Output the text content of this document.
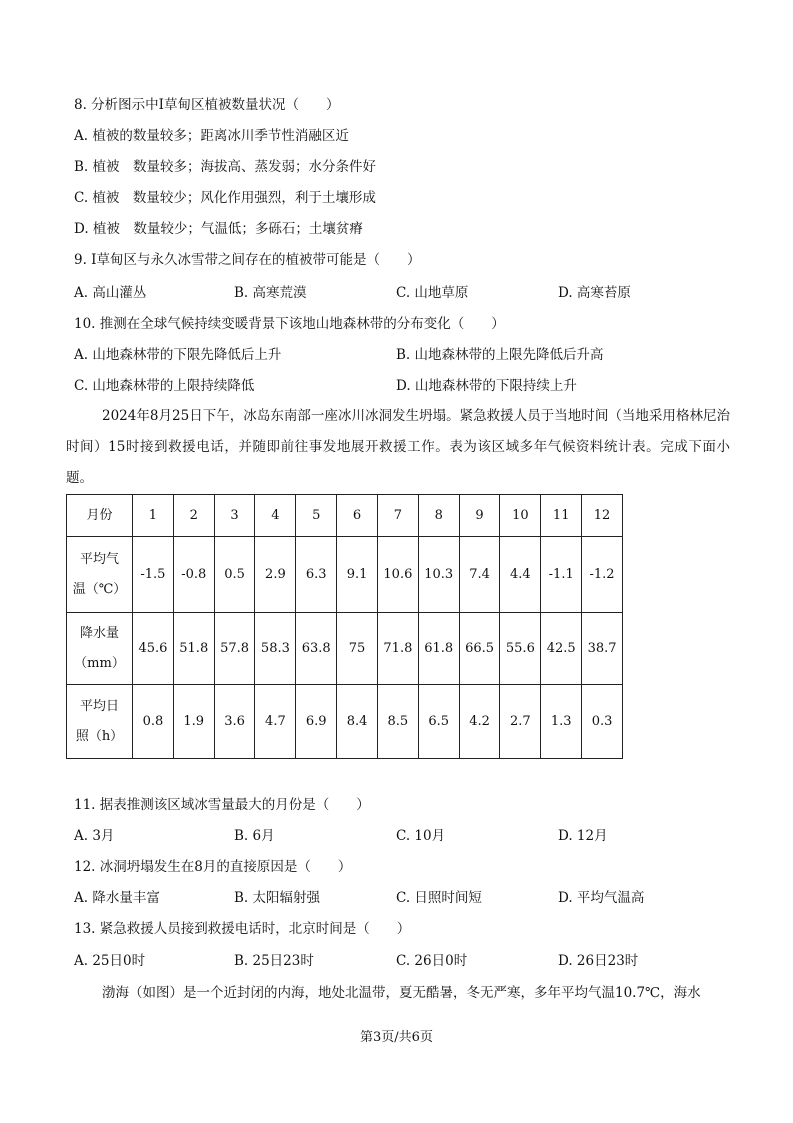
8. 分析图示中Ⅰ草甸区植被数量状况（　　）
A. 植被的数量较多；距离冰川季节性消融区近
B. 植被　数量较多；海拔高、蒸发弱；水分条件好
C. 植被　数量较少；风化作用强烈，利于土壤形成
D. 植被　数量较少；气温低；多砾石；土壤贫瘠
9. Ⅰ草甸区与永久冰雪带之间存在的植被带可能是（　　）
A. 高山灌丛	B. 高寒荒漠	C. 山地草原	D. 高寒苔原
10. 推测在全球气候持续变暖背景下该地山地森林带的分布变化（　　）
A. 山地森林带的下限先降低后上升	B. 山地森林带的上限先降低后升高
C. 山地森林带的上限持续降低	D. 山地森林带的下限持续上升
2024年8月25日下午，冰岛东南部一座冰川冰洞发生坍塌。紧急救援人员于当地时间（当地采用格林尼治时间）15时接到救援电话，并随即前往事发地展开救援工作。表为该区域多年气候资料统计表。完成下面小题。
月份	1	2	3	4	5	6	7	8	9	10	11	12

平均气
温（℃）	-1.5	-0.8	0.5	2.9	6.3	9.1	10.6	10.3	7.4	4.4	-1.1	-1.2

降水量
（mm）	45.6	51.8	57.8	58.3	63.8	75	71.8	61.8	66.5	55.6	42.5	38.7

平均日
照（h）	0.8	1.9	3.6	4.7	6.9	8.4	8.5	6.5	4.2	2.7	1.3	0.3
11. 据表推测该区域冰雪量最大的月份是（　　）
A. 3月	B. 6月	C. 10月	D. 12月
12. 冰洞坍塌发生在8月的直接原因是（　　）
A. 降水量丰富	B. 太阳辐射强	C. 日照时间短	D. 平均气温高
13. 紧急救援人员接到救援电话时，北京时间是（　　）
A. 25日0时	B. 25日23时	C. 26日0时	D. 26日23时
渤海（如图）是一个近封闭的内海，地处北温带，夏无酷暑，冬无严寒，多年平均气温10.7℃，海水
第3页/共6页
